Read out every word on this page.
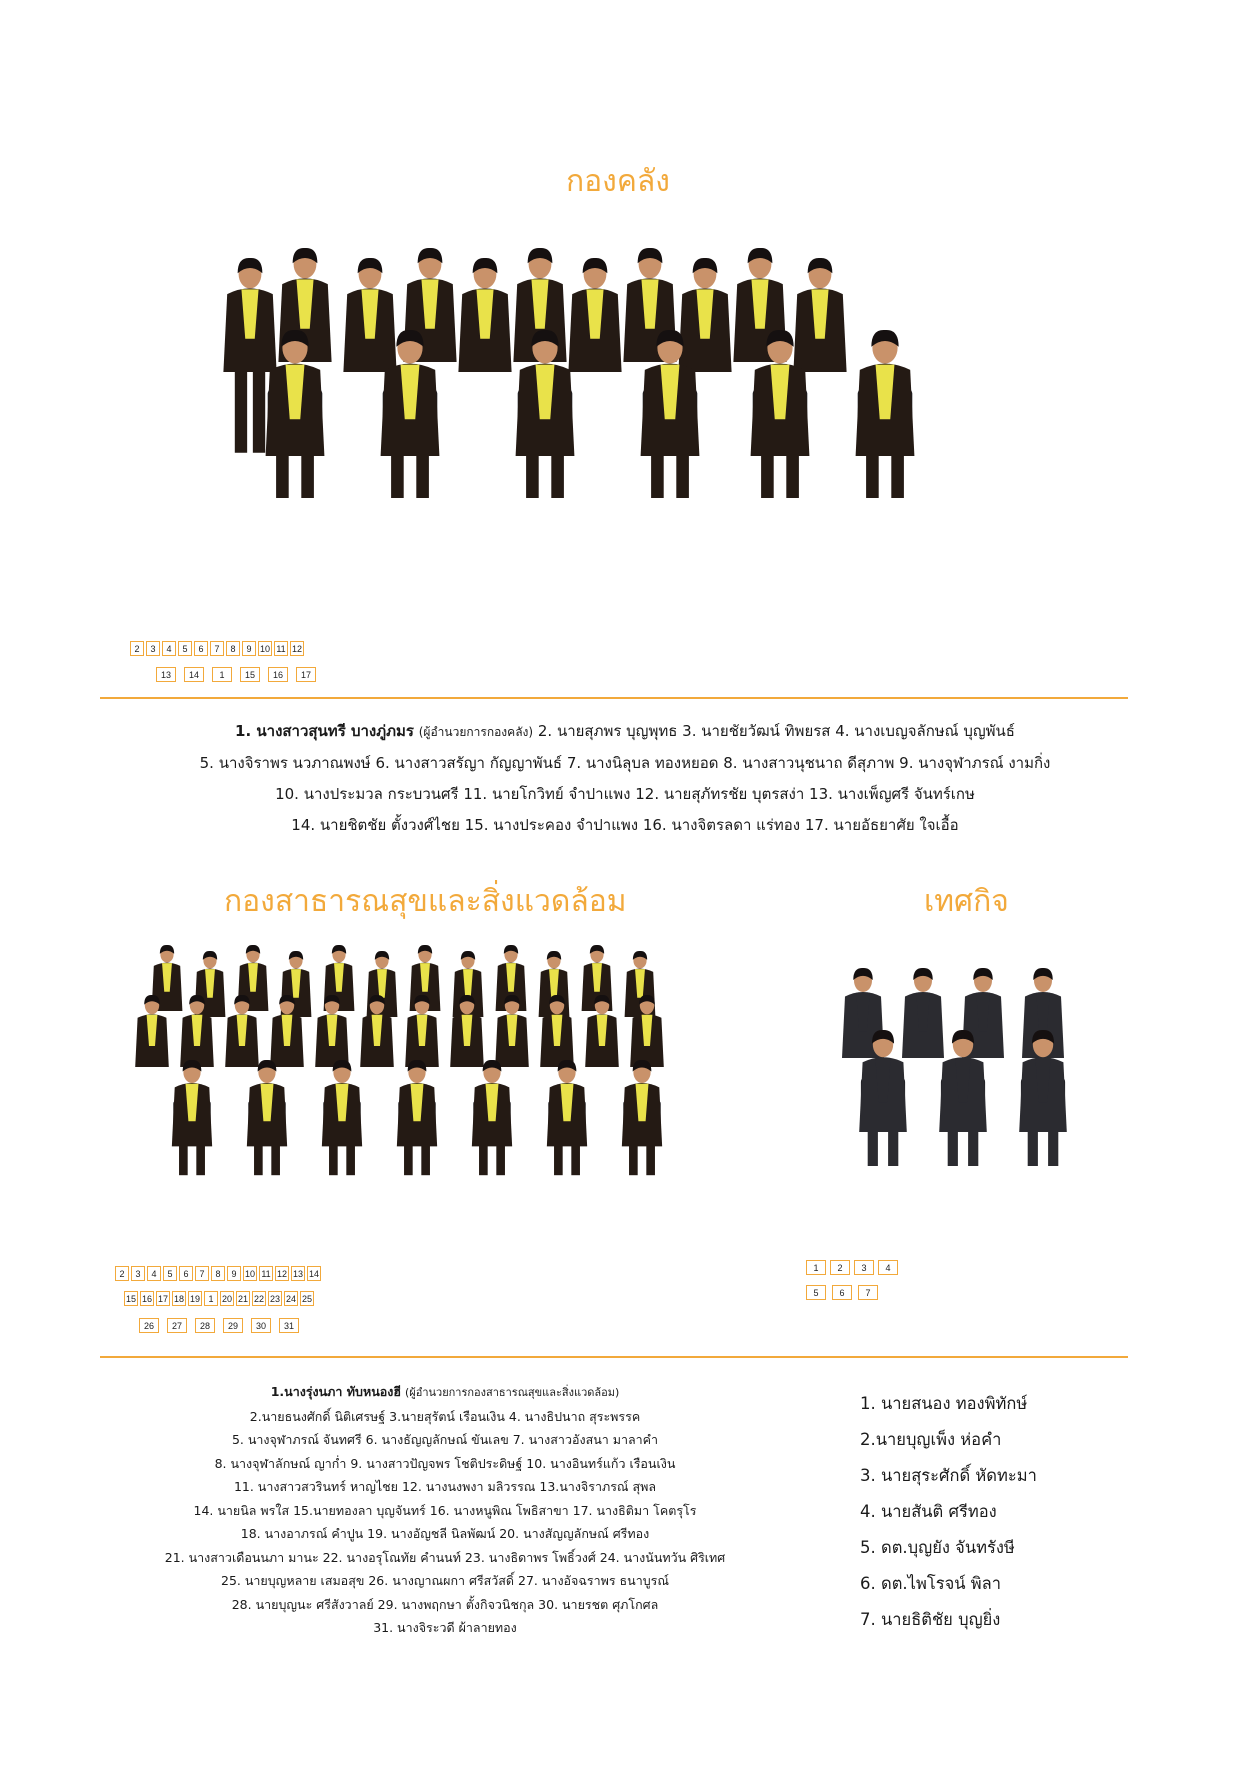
กองคลัง
2	3	4	5	6	7	8	9 10 11 12
13	14	1	15	16	17

1. นางสาวสุนทรี บางภู่ภมร (ผู้อำนวยการกองคลัง) 2. นายสุภพร บุญพุทธ 3. นายชัยวัฒน์ ทิพยรส 4. นางเบญจลักษณ์ บุญพันธ์

5. นางจิราพร นวภาณพงษ์ 6. นางสาวสรัญา กัญญาพันธ์ 7. นางนิลุบล ทองหยอด 8. นางสาวนุชนาถ ดีสุภาพ 9. นางจุฬาภรณ์ งามกิ่ง

10. นางประมวล กระบวนศรี 11. นายโกวิทย์ จำปาแพง 12. นายสุภัทรชัย บุตรสง่า 13. นางเพ็ญศรี จันทร์เกษ

14. นายชิตชัย ตั้งวงศ์ไชย 15. นางประคอง จำปาแพง 16. นางจิตรลดา แร่ทอง 17. นายอัธยาศัย ใจเอื้อ

กองสาธารณสุขและสิ่งแวดล้อม
2	3	4	5	6	7	8	9 10 11 12 13 14
15 16 17 18 19 1 20 21 22 23 24 25
26	27	28	29	30	31
เทศกิจ
1	2	3	4
5	6	7

1.นางรุ่งนภา ทับหนองฮี (ผู้อำนวยการกองสาธารณสุขและสิ่งแวดล้อม)

2.นายธนงศักดิ์ นิติเศรษฐ์ 3.นายสุรัตน์ เรือนเงิน 4. นางธิปนาถ สุระพรรค

5. นางจุฬาภรณ์ จันทศรี 6. นางธัญญลักษณ์ ขันเลข 7. นางสาวอังสนา มาลาคำ

8. นางจุฬาลักษณ์ ญาก่ำ 9. นางสาวปัญจพร โชติประดิษฐ์ 10. นางอินทร์แก้ว เรือนเงิน

11. นางสาวสวรินทร์ หาญไชย 12. นางนงพงา มลิวรรณ 13.นางจิราภรณ์ สุพล

14. นายนิล พรใส 15.นายทองลา บุญจันทร์ 16. นางหนูพิณ โพธิสาขา 17. นางธิติมา โคตรุโร

18. นางอาภรณ์ คำปูน 19. นางอัญชลี นิลพัฒน์ 20. นางสัญญลักษณ์ ศรีทอง

21. นางสาวเดือนนภา มานะ 22. นางอรุโณทัย คำนนท์ 23. นางธิดาพร โพธิ์วงศ์ 24. นางนันทวัน ศิริเทศ

25. นายบุญหลาย เสมอสุข 26. นางญาณผกา ศรีสวัสดิ์ 27. นางอัจฉราพร ธนาบูรณ์

28. นายบุญนะ ศรีสังวาลย์ 29. นางพฤกษา ตั้งกิจวนิชกุล 30. นายรชต ศุภโกศล

31. นางจิระวดี ผ้าลายทอง

1. นายสนอง ทองพิทักษ์

2.นายบุญเพ็ง ห่อคำ

3. นายสุระศักดิ์ หัดทะมา

4. นายสันติ ศรีทอง

5. ดต.บุญยัง จันทรังษี

6. ดต.ไพโรจน์ พิลา

7. นายธิติชัย บุญยิ่ง
